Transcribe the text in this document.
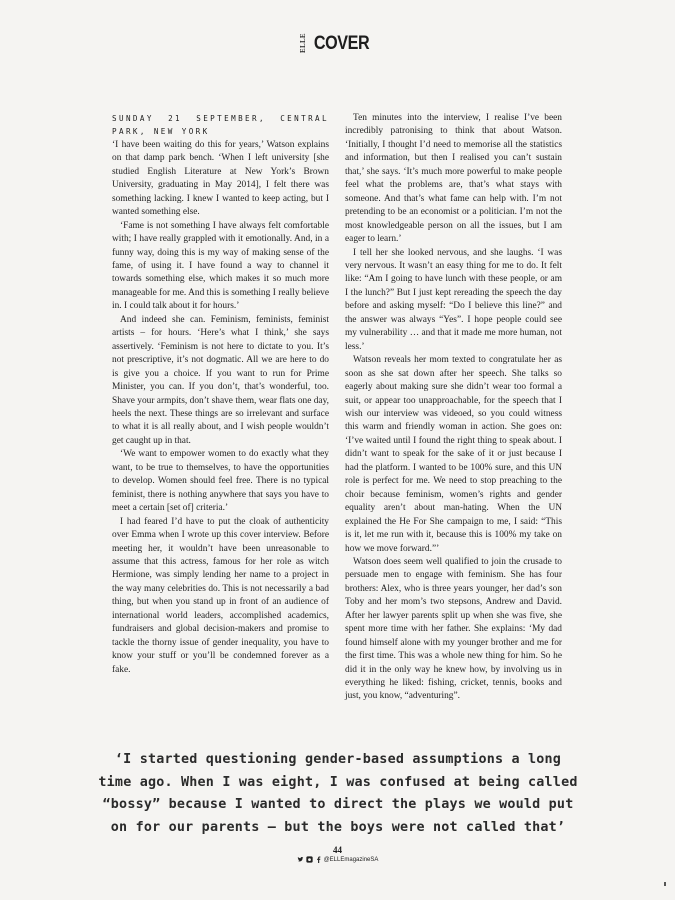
ELLE COVER
SUNDAY 21 SEPTEMBER, CENTRAL PARK, NEW YORK

‘I have been waiting do this for years,’ Watson explains on that damp park bench. ‘When I left university [she studied English Literature at New York’s Brown University, graduating in May 2014], I felt there was something lacking. I knew I wanted to keep acting, but I wanted something else.

‘Fame is not something I have always felt comfortable with; I have really grappled with it emotionally. And, in a funny way, doing this is my way of making sense of the fame, of using it. I have found a way to channel it towards something else, which makes it so much more manageable for me. And this is something I really believe in. I could talk about it for hours.’

And indeed she can. Feminism, feminists, feminist artists – for hours. ‘Here’s what I think,’ she says assertively. ‘Feminism is not here to dictate to you. It’s not prescriptive, it’s not dogmatic. All we are here to do is give you a choice. If you want to run for Prime Minister, you can. If you don’t, that’s wonderful, too. Shave your armpits, don’t shave them, wear flats one day, heels the next. These things are so irrelevant and surface to what it is all really about, and I wish people wouldn’t get caught up in that.

‘We want to empower women to do exactly what they want, to be true to themselves, to have the opportunities to develop. Women should feel free. There is no typical feminist, there is nothing anywhere that says you have to meet a certain [set of] criteria.’

I had feared I’d have to put the cloak of authenticity over Emma when I wrote up this cover interview. Before meeting her, it wouldn’t have been unreasonable to assume that this actress, famous for her role as witch Hermione, was simply lending her name to a project in the way many celebrities do. This is not necessarily a bad thing, but when you stand up in front of an audience of international world leaders, accomplished academics, fundraisers and global decision-makers and promise to tackle the thorny issue of gender inequality, you have to know your stuff or you’ll be condemned forever as a fake.

Ten minutes into the interview, I realise I’ve been incredibly patronising to think that about Watson. ‘Initially, I thought I’d need to memorise all the statistics and information, but then I realised you can’t sustain that,’ she says. ‘It’s much more powerful to make people feel what the problems are, that’s what stays with someone. And that’s what fame can help with. I’m not pretending to be an economist or a politician. I’m not the most knowledgeable person on all the issues, but I am eager to learn.’

I tell her she looked nervous, and she laughs. ‘I was very nervous. It wasn’t an easy thing for me to do. It felt like: “Am I going to have lunch with these people, or am I the lunch?” But I just kept rereading the speech the day before and asking myself: “Do I believe this line?” and the answer was always “Yes”. I hope people could see my vulnerability … and that it made me more human, not less.’

Watson reveals her mom texted to congratulate her as soon as she sat down after her speech. She talks so eagerly about making sure she didn’t wear too formal a suit, or appear too unapproachable, for the speech that I wish our interview was videoed, so you could witness this warm and friendly woman in action. She goes on: ‘I’ve waited until I found the right thing to speak about. I didn’t want to speak for the sake of it or just because I had the platform. I wanted to be 100% sure, and this UN role is perfect for me. We need to stop preaching to the choir because feminism, women’s rights and gender equality aren’t about man-hating. When the UN explained the He For She campaign to me, I said: “This is it, let me run with it, because this is 100% my take on how we move forward.”’

Watson does seem well qualified to join the crusade to persuade men to engage with feminism. She has four brothers: Alex, who is three years younger, her dad’s son Toby and her mom’s two stepsons, Andrew and David. After her lawyer parents split up when she was five, she spent more time with her father. She explains: ‘My dad found himself alone with my younger brother and me for the first time. This was a whole new thing for him. So he did it in the only way he knew how, by involving us in everything he liked: fishing, cricket, tennis, books and just, you know, “adventuring”.

‘I started questioning gender-based assumptions a long time ago. When I was eight, I was confused at being called “bossy” because I wanted to direct the plays we would put on for our parents – but the boys were not called that’
44
@ELLEmagazineSA
